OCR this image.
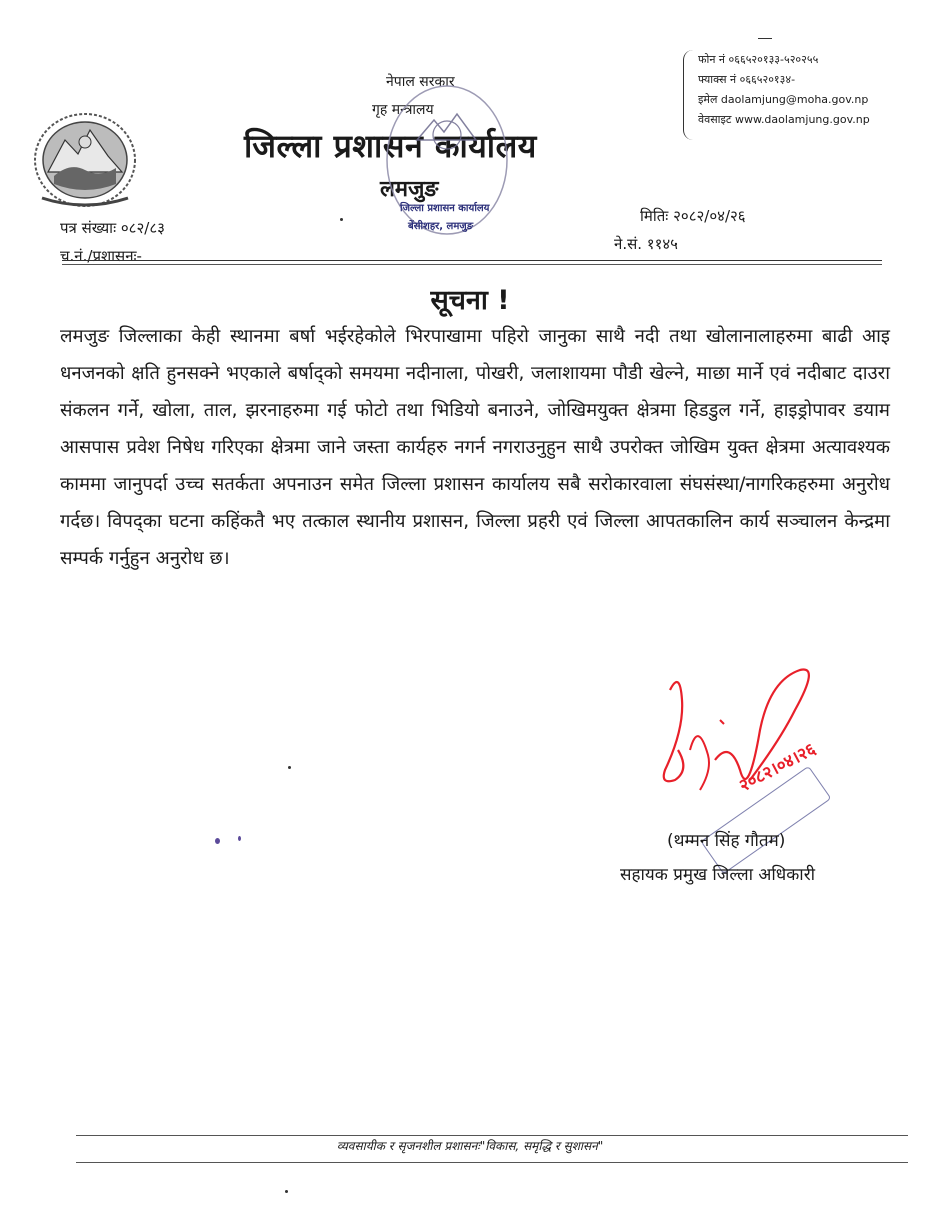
नेपाल सरकार
गृह मन्त्रालय
जिल्ला प्रशासन कार्यालय
लमजुङ
जिल्ला प्रशासन कार्यालय
बेंसीशहर, लमजुङ
फोन नं ०६६५२०१३३-५२०२५५
फ्याक्स नं ०६६५२०१३४-
इमेल daolamjung@moha.gov.np
वेवसाइट www.daolamjung.gov.np
पत्र संख्याः ०८२/८३
च.नं./प्रशासनः-
मितिः २०८२/०४/२६
ने.सं. ११४५
सूचना !
लमजुङ जिल्लाका केही स्थानमा बर्षा भईरहेकोले भिरपाखामा पहिरो जानुका साथै नदी तथा खोलानालाहरुमा बाढी आइ धनजनको क्षति हुनसक्ने भएकाले बर्षाद्को समयमा नदीनाला, पोखरी, जलाशायमा पौडी खेल्ने, माछा मार्ने एवं नदीबाट दाउरा संकलन गर्ने, खोला, ताल, झरनाहरुमा गई फोटो तथा भिडियो बनाउने, जोखिमयुक्त क्षेत्रमा हिडडुल गर्ने, हाइड्रोपावर डयाम आसपास प्रवेश निषेध गरिएका क्षेत्रमा जाने जस्ता कार्यहरु नगर्न नगराउनुहुन साथै उपरोक्त जोखिम युक्त क्षेत्रमा अत्यावश्यक काममा जानुपर्दा उच्च सतर्कता अपनाउन समेत जिल्ला प्रशासन कार्यालय सबै सरोकारवाला संघसंस्था/नागरिकहरुमा अनुरोध गर्दछ। विपद्का घटना कहिंकतै भए तत्काल स्थानीय प्रशासन, जिल्ला प्रहरी एवं जिल्ला आपतकालिन कार्य सञ्चालन केन्द्रमा सम्पर्क गर्नुहुन अनुरोध छ।
२०८२।०४।२६
(थम्मन सिंह गौतम)
सहायक प्रमुख जिल्ला अधिकारी
व्यवसायीक र सृजनशील प्रशासनः"विकास, समृद्धि र सुशासन"
